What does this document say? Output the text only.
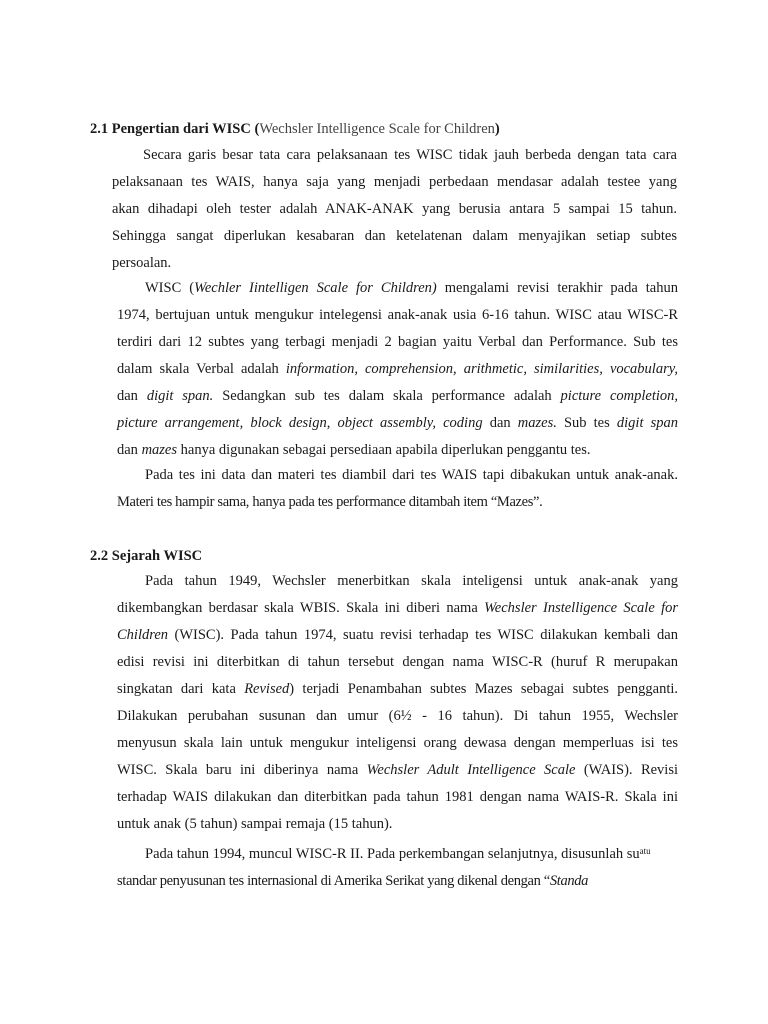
2.1 Pengertian dari WISC (Wechsler Intelligence Scale for Children)
Secara garis besar tata cara pelaksanaan tes WISC tidak jauh berbeda dengan tata cara
pelaksanaan tes WAIS, hanya saja yang menjadi perbedaan mendasar adalah testee yang
akan dihadapi oleh tester adalah ANAK-ANAK yang berusia antara 5 sampai 15 tahun.
Sehingga sangat diperlukan kesabaran dan ketelatenan dalam menyajikan setiap subtes
persoalan.
WISC (Wechler Iintelligen Scale for Children) mengalami revisi terakhir pada tahun
1974, bertujuan untuk mengukur intelegensi anak-anak usia 6-16 tahun. WISC atau WISC-R
terdiri dari 12 subtes yang terbagi menjadi 2 bagian yaitu Verbal dan Performance. Sub tes
dalam skala Verbal adalah information, comprehension, arithmetic, similarities, vocabulary,
dan digit span. Sedangkan sub tes dalam skala performance adalah picture completion,
picture arrangement, block design, object assembly, coding dan mazes. Sub tes digit span
dan mazes hanya digunakan sebagai persediaan apabila diperlukan penggantu tes.
Pada tes ini data dan materi tes diambil dari tes WAIS tapi dibakukan untuk anak-anak.
Materi tes hampir sama, hanya pada tes performance ditambah item “Mazes”.
2.2 Sejarah WISC
Pada tahun 1949, Wechsler menerbitkan skala inteligensi untuk anak-anak yang
dikembangkan berdasar skala WBIS. Skala ini diberi nama Wechsler Instelligence Scale for
Children (WISC). Pada tahun 1974, suatu revisi terhadap tes WISC dilakukan kembali dan
edisi revisi ini diterbitkan di tahun tersebut dengan nama WISC-R (huruf R merupakan
singkatan dari kata Revised) terjadi Penambahan subtes Mazes sebagai subtes pengganti.
Dilakukan perubahan susunan dan umur (6½ - 16 tahun). Di tahun 1955, Wechsler
menyusun skala lain untuk mengukur inteligensi orang dewasa dengan memperluas isi tes
WISC. Skala baru ini diberinya nama Wechsler Adult Intelligence Scale (WAIS). Revisi
terhadap WAIS dilakukan dan diterbitkan pada tahun 1981 dengan nama WAIS-R. Skala ini
untuk anak (5 tahun) sampai remaja (15 tahun).
Pada tahun 1994, muncul WISC-R II. Pada perkembangan selanjutnya, disusunlah $su^{atu}$
standar penyusunan tes internasional di Amerika Serikat yang dikenal dengan “Standa
